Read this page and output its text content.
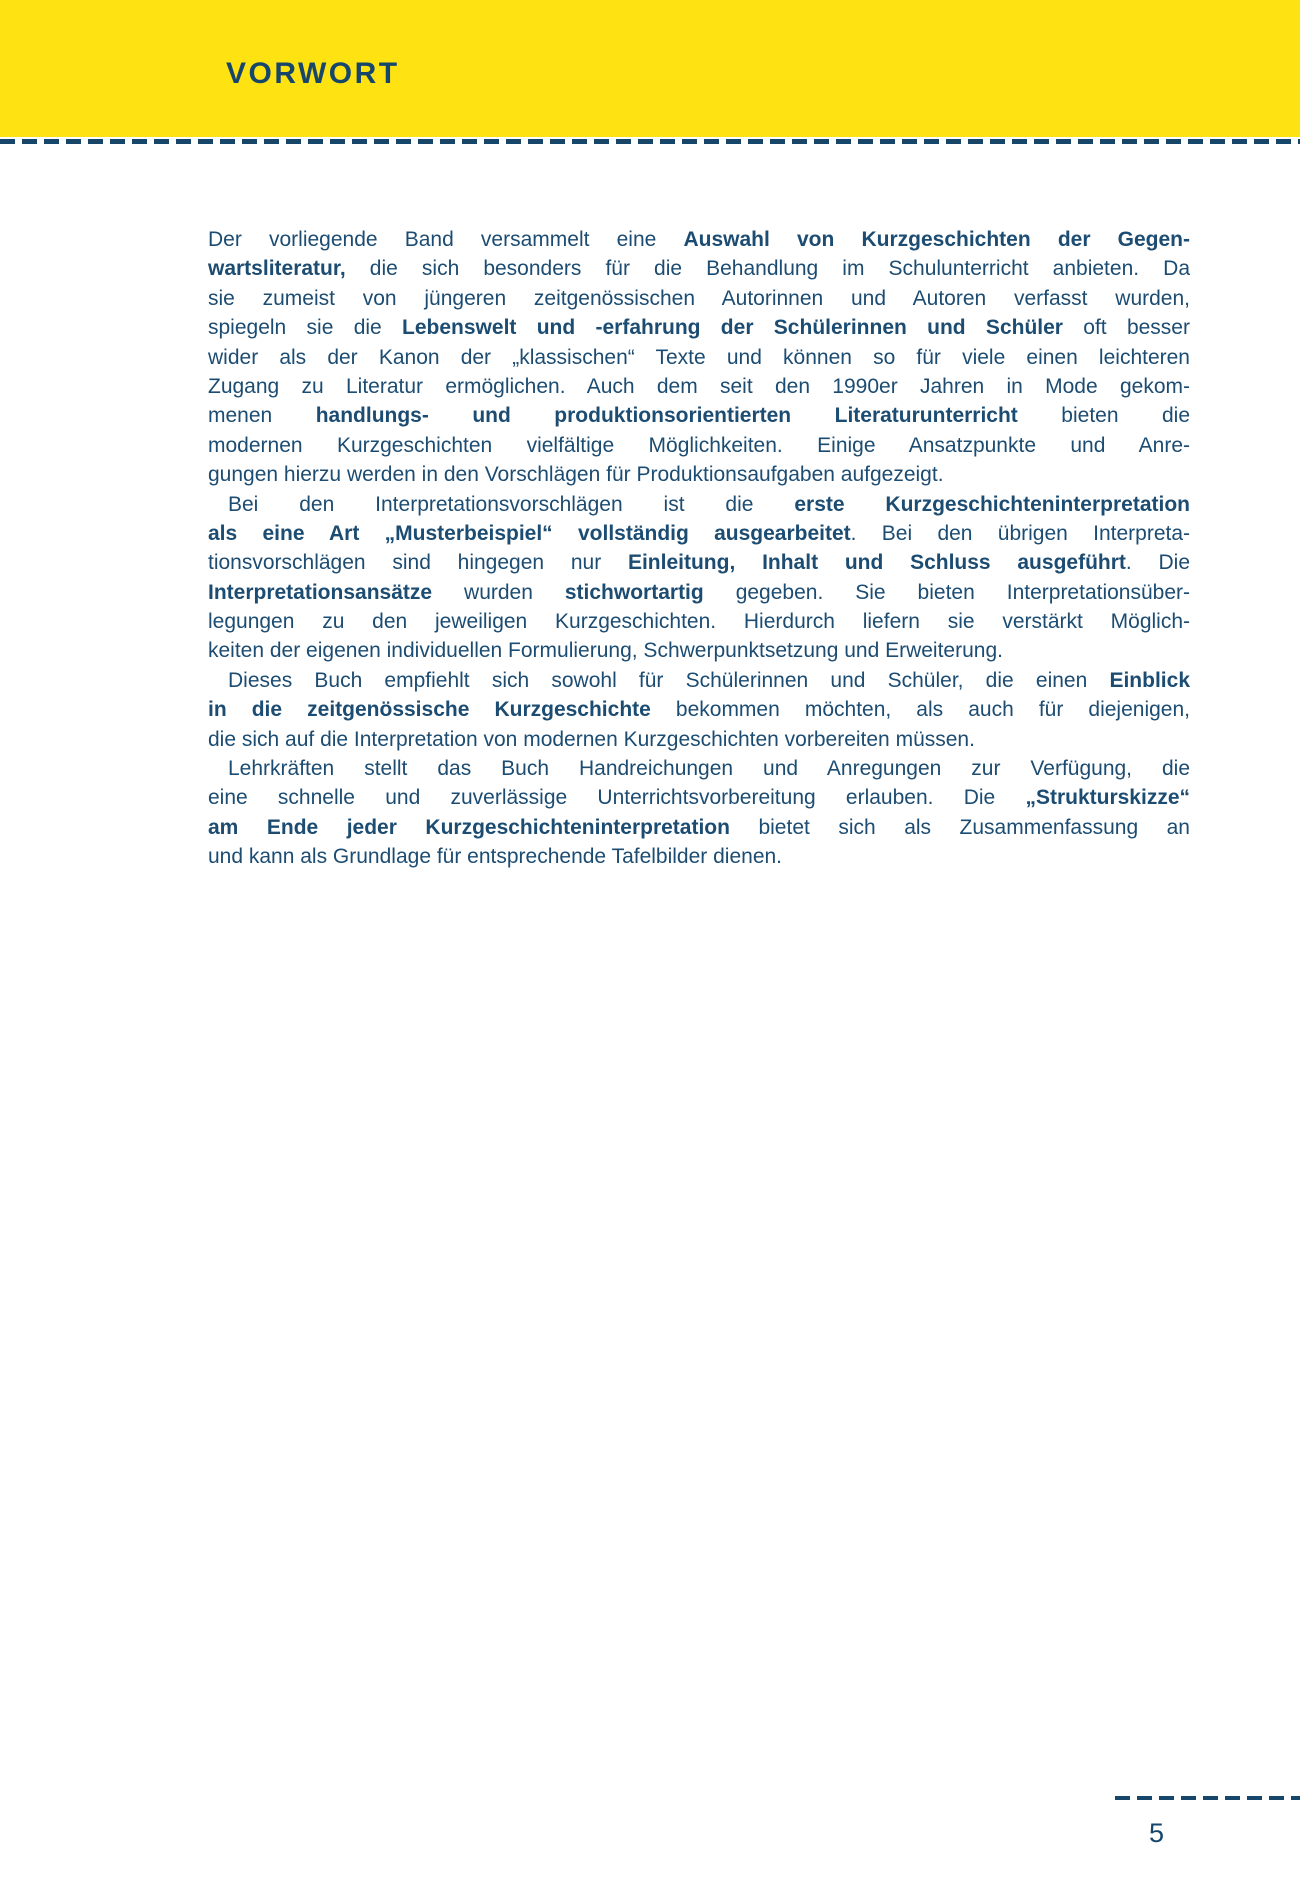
VORWORT
Der vorliegende Band versammelt eine Auswahl von Kurzgeschichten der Gegen-
wartsliteratur, die sich besonders für die Behandlung im Schulunterricht anbieten. Da
sie zumeist von jüngeren zeitgenössischen Autorinnen und Autoren verfasst wurden,
spiegeln sie die Lebenswelt und -erfahrung der Schülerinnen und Schüler oft besser
wider als der Kanon der „klassischen“ Texte und können so für viele einen leichteren
Zugang zu Literatur ermöglichen. Auch dem seit den 1990er Jahren in Mode gekom-
menen handlungs- und produktionsorientierten Literaturunterricht bieten die
modernen Kurzgeschichten vielfältige Möglichkeiten. Einige Ansatzpunkte und Anre-
gungen hierzu werden in den Vorschlägen für Produktionsaufgaben aufgezeigt.
Bei den Interpretationsvorschlägen ist die erste Kurzgeschichteninterpretation
als eine Art „Musterbeispiel“ vollständig ausgearbeitet. Bei den übrigen Interpreta-
tionsvorschlägen sind hingegen nur Einleitung, Inhalt und Schluss ausgeführt. Die
Interpretationsansätze wurden stichwortartig gegeben. Sie bieten Interpretationsüber-
legungen zu den jeweiligen Kurzgeschichten. Hierdurch liefern sie verstärkt Möglich-
keiten der eigenen individuellen Formulierung, Schwerpunktsetzung und Erweiterung.
Dieses Buch empfiehlt sich sowohl für Schülerinnen und Schüler, die einen Einblick
in die zeitgenössische Kurzgeschichte bekommen möchten, als auch für diejenigen,
die sich auf die Interpretation von modernen Kurzgeschichten vorbereiten müssen.
Lehrkräften stellt das Buch Handreichungen und Anregungen zur Verfügung, die
eine schnelle und zuverlässige Unterrichtsvorbereitung erlauben. Die „Strukturskizze“
am Ende jeder Kurzgeschichteninterpretation bietet sich als Zusammenfassung an
und kann als Grundlage für entsprechende Tafelbilder dienen.
5
